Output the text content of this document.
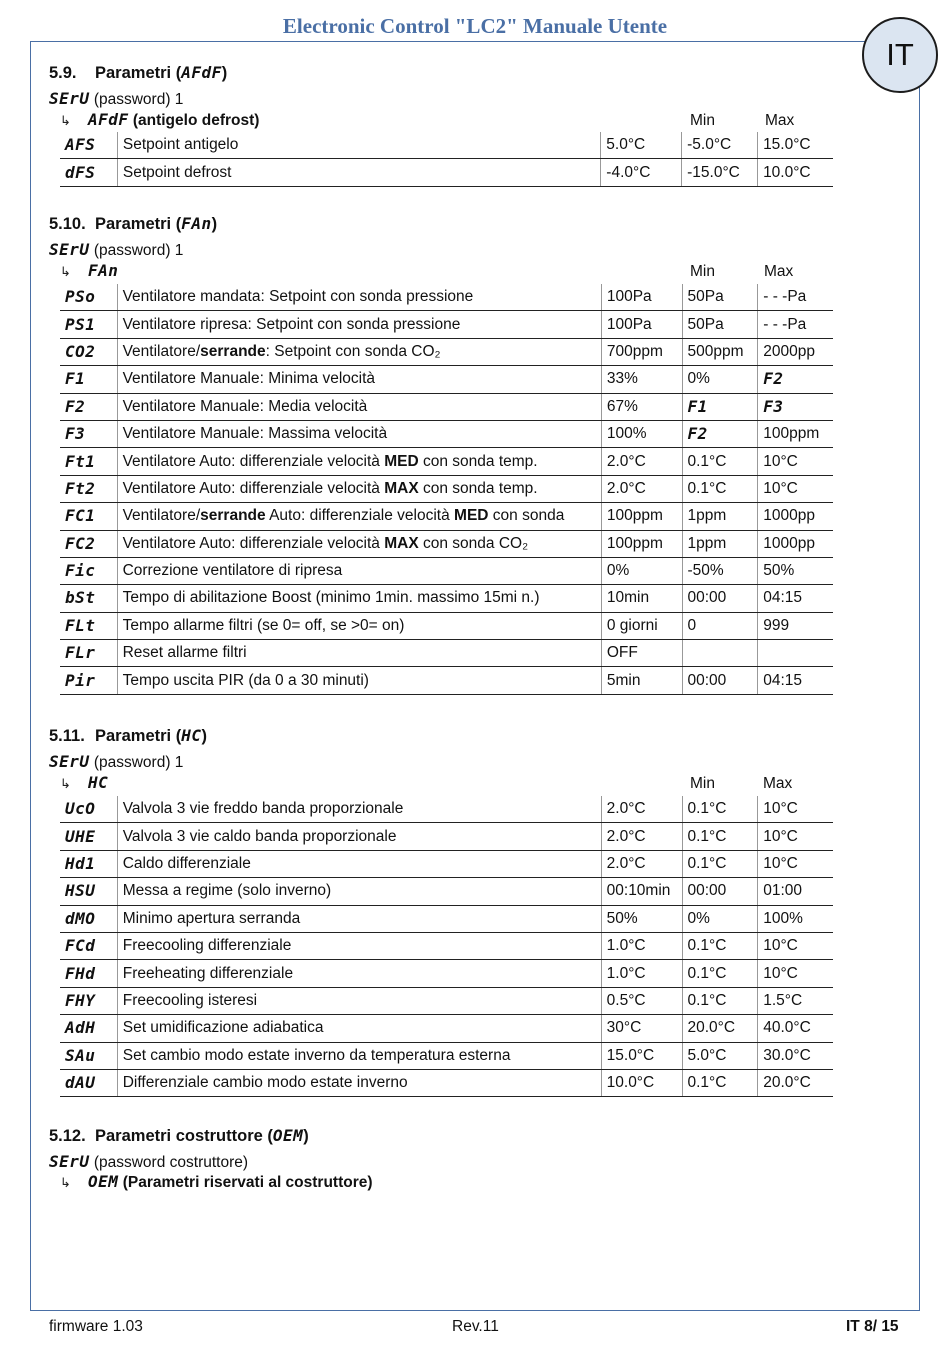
Electronic Control "LC2" Manuale Utente
IT
5.9. Parametri (AFdF)
SErU (password) 1
↳ AFdF (antigelo defrost)	Min	Max
AFS	Setpoint antigelo	5.0°C	-5.0°C	15.0°C
dFS	Setpoint defrost	-4.0°C	-15.0°C	10.0°C
5.10. Parametri (FAn)
SErU (password) 1
↳ FAn	Min	Max
PSo	Ventilatore mandata: Setpoint con sonda pressione	100Pa	50Pa	- - -Pa
PS1	Ventilatore ripresa: Setpoint con sonda pressione	100Pa	50Pa	- - -Pa
CO2	Ventilatore/serrande: Setpoint con sonda CO₂	700ppm	500ppm	2000pp
F1	Ventilatore Manuale: Minima velocità	33%	0%	F2
F2	Ventilatore Manuale: Media velocità	67%	F1	F3
F3	Ventilatore Manuale: Massima velocità	100%	F2	100ppm
Ft1	Ventilatore Auto: differenziale velocità MED con sonda temp.	2.0°C	0.1°C	10°C
Ft2	Ventilatore Auto: differenziale velocità MAX con sonda temp.	2.0°C	0.1°C	10°C
FC1	Ventilatore/serrande Auto: differenziale velocità MED con sonda	100ppm	1ppm	1000pp
FC2	Ventilatore Auto: differenziale velocità MAX con sonda CO₂	100ppm	1ppm	1000pp
Fic	Correzione ventilatore di ripresa	0%	-50%	50%
bSt	Tempo di abilitazione Boost (minimo 1min. massimo 15mi n.)	10min	00:00	04:15
FLt	Tempo allarme filtri (se 0= off, se >0= on)	0 giorni	0	999
FLr	Reset allarme filtri	OFF		
Pir	Tempo uscita PIR (da 0 a 30 minuti)	5min	00:00	04:15
5.11. Parametri (HC)
SErU (password) 1
↳ HC	Min	Max
UcO	Valvola 3 vie freddo banda proporzionale	2.0°C	0.1°C	10°C
UHE	Valvola 3 vie caldo banda proporzionale	2.0°C	0.1°C	10°C
Hd1	Caldo differenziale	2.0°C	0.1°C	10°C
HSU	Messa a regime (solo inverno)	00:10min	00:00	01:00
dMO	Minimo apertura serranda	50%	0%	100%
FCd	Freecooling differenziale	1.0°C	0.1°C	10°C
FHd	Freeheating differenziale	1.0°C	0.1°C	10°C
FHY	Freecooling isteresi	0.5°C	0.1°C	1.5°C
AdH	Set umidificazione adiabatica	30°C	20.0°C	40.0°C
SAu	Set cambio modo estate inverno da temperatura esterna	15.0°C	5.0°C	30.0°C
dAU	Differenziale cambio modo estate inverno	10.0°C	0.1°C	20.0°C
5.12. Parametri costruttore (OEM)
SErU (password costruttore)
↳ OEM (Parametri riservati al costruttore)
firmware 1.03	Rev.11	IT 8/ 15
